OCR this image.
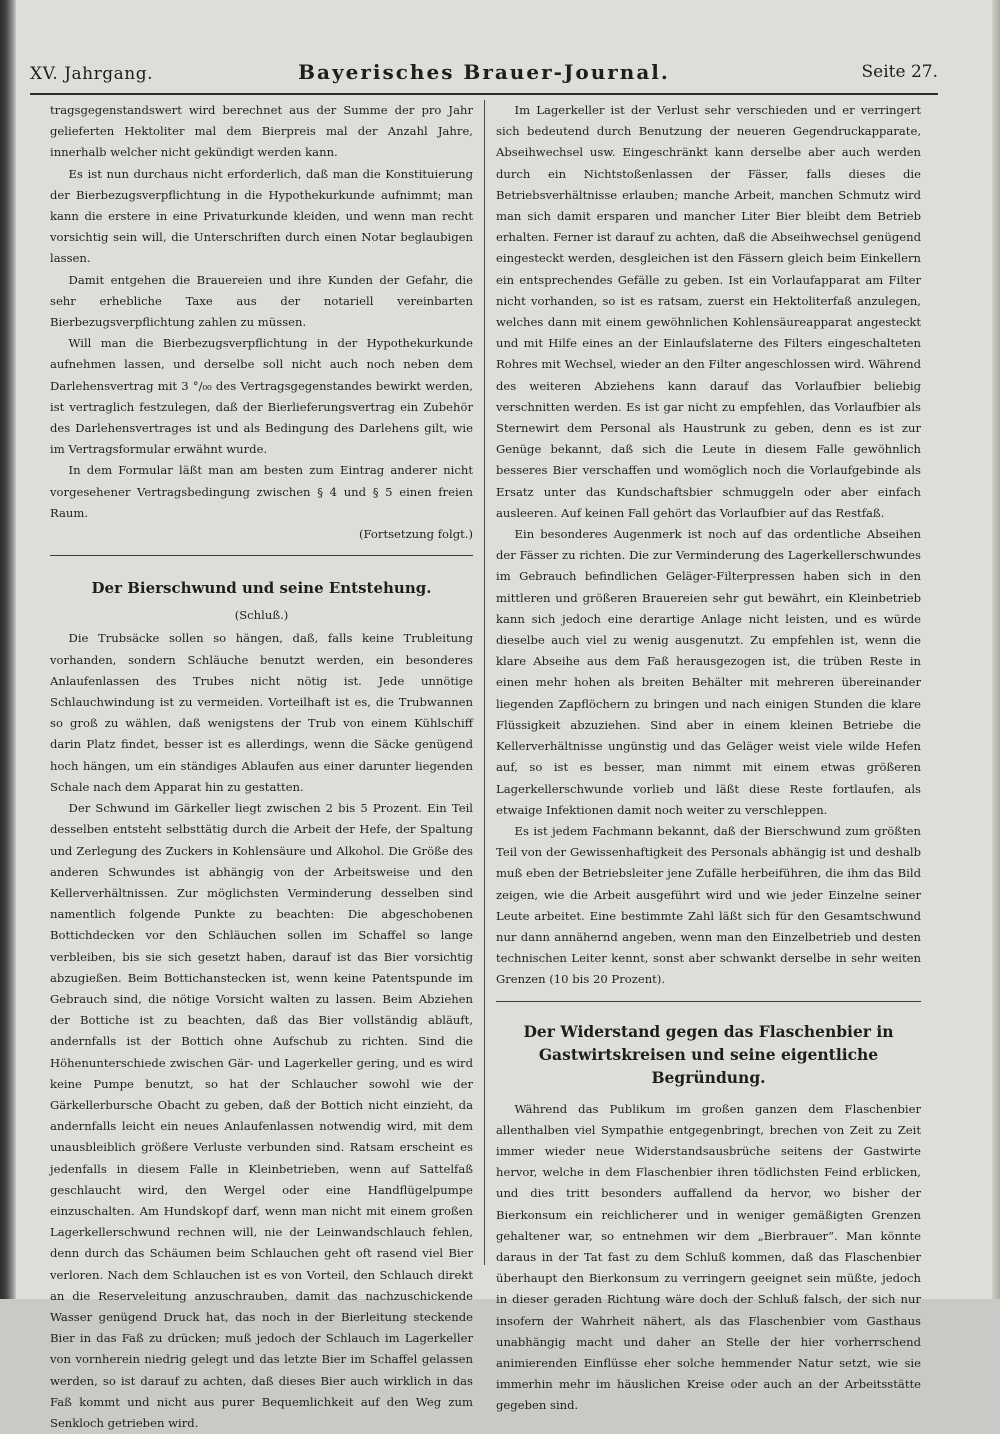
XV. Jahrgang.	Bayerisches Brauer-Journal.	Seite 27.

tragsgegenstandswert wird berechnet aus der Summe der pro Jahr gelieferten Hektoliter mal dem Bierpreis mal der Anzahl Jahre, innerhalb welcher nicht gekündigt werden kann.

Es ist nun durchaus nicht erforderlich, daß man die Konstituierung der Bierbezugsverpflichtung in die Hypothekurkunde aufnimmt; man kann die erstere in eine Privaturkunde kleiden, und wenn man recht vorsichtig sein will, die Unterschriften durch einen Notar beglaubigen lassen.

Damit entgehen die Brauereien und ihre Kunden der Gefahr, die sehr erhebliche Taxe aus der notariell vereinbarten Bierbezugsverpflichtung zahlen zu müssen.

Will man die Bierbezugsverpflichtung in der Hypothekurkunde aufnehmen lassen, und derselbe soll nicht auch noch neben dem Darlehensvertrag mit 3 °/₀₀ des Vertragsgegenstandes bewirkt werden, ist vertraglich festzulegen, daß der Bierlieferungsvertrag ein Zubehör des Darlehensvertrages ist und als Bedingung des Darlehens gilt, wie im Vertragsformular erwähnt wurde.

In dem Formular läßt man am besten zum Eintrag anderer nicht vorgesehener Vertragsbedingung zwischen § 4 und § 5 einen freien Raum.

(Fortsetzung folgt.)
Der Bierschwund und seine Entstehung.
(Schluß.)

Die Trubsäcke sollen so hängen, daß, falls keine Trubleitung vorhanden, sondern Schläuche benutzt werden, ein besonderes Anlaufenlassen des Trubes nicht nötig ist. Jede unnötige Schlauchwindung ist zu vermeiden. Vorteilhaft ist es, die Trubwannen so groß zu wählen, daß wenigstens der Trub von einem Kühlschiff darin Platz findet, besser ist es allerdings, wenn die Säcke genügend hoch hängen, um ein ständiges Ablaufen aus einer darunter liegenden Schale nach dem Apparat hin zu gestatten.

Der Schwund im Gärkeller liegt zwischen 2 bis 5 Prozent. Ein Teil desselben entsteht selbsttätig durch die Arbeit der Hefe, der Spaltung und Zerlegung des Zuckers in Kohlensäure und Alkohol. Die Größe des anderen Schwundes ist abhängig von der Arbeitsweise und den Kellerverhältnissen. Zur möglichsten Verminderung desselben sind namentlich folgende Punkte zu beachten: Die abgeschobenen Bottichdecken vor den Schläuchen sollen im Schaffel so lange verbleiben, bis sie sich gesetzt haben, darauf ist das Bier vorsichtig abzugießen. Beim Bottichanstecken ist, wenn keine Patentspunde im Gebrauch sind, die nötige Vorsicht walten zu lassen. Beim Abziehen der Bottiche ist zu beachten, daß das Bier vollständig abläuft, andernfalls ist der Bottich ohne Aufschub zu richten. Sind die Höhenunterschiede zwischen Gär- und Lagerkeller gering, und es wird keine Pumpe benutzt, so hat der Schlaucher sowohl wie der Gärkellerbursche Obacht zu geben, daß der Bottich nicht einzieht, da andernfalls leicht ein neues Anlaufenlassen notwendig wird, mit dem unausbleiblich größere Verluste verbunden sind. Ratsam erscheint es jedenfalls in diesem Falle in Kleinbetrieben, wenn auf Sattelfaß geschlaucht wird, den Wergel oder eine Handflügelpumpe einzuschalten. Am Hundskopf darf, wenn man nicht mit einem großen Lagerkellerschwund rechnen will, nie der Leinwandschlauch fehlen, denn durch das Schäumen beim Schlauchen geht oft rasend viel Bier verloren. Nach dem Schlauchen ist es von Vorteil, den Schlauch direkt an die Reserveleitung anzuschrauben, damit das nachzuschickende Wasser genügend Druck hat, das noch in der Bierleitung steckende Bier in das Faß zu drücken; muß jedoch der Schlauch im Lagerkeller von vornherein niedrig gelegt und das letzte Bier im Schaffel gelassen werden, so ist darauf zu achten, daß dieses Bier auch wirklich in das Faß kommt und nicht aus purer Bequemlichkeit auf den Weg zum Senkloch getrieben wird.

Im Lagerkeller ist der Verlust sehr verschieden und er verringert sich bedeutend durch Benutzung der neueren Gegendruckapparate, Abseihwechsel usw. Eingeschränkt kann derselbe aber auch werden durch ein Nichtstoßenlassen der Fässer, falls dieses die Betriebsverhältnisse erlauben; manche Arbeit, manchen Schmutz wird man sich damit ersparen und mancher Liter Bier bleibt dem Betrieb erhalten. Ferner ist darauf zu achten, daß die Abseihwechsel genügend eingesteckt werden, desgleichen ist den Fässern gleich beim Einkellern ein entsprechendes Gefälle zu geben. Ist ein Vorlaufapparat am Filter nicht vorhanden, so ist es ratsam, zuerst ein Hektoliterfaß anzulegen, welches dann mit einem gewöhnlichen Kohlensäureapparat angesteckt und mit Hilfe eines an der Einlaufslaterne des Filters eingeschalteten Rohres mit Wechsel, wieder an den Filter angeschlossen wird. Während des weiteren Abziehens kann darauf das Vorlaufbier beliebig verschnitten werden. Es ist gar nicht zu empfehlen, das Vorlaufbier als Sternewirt dem Personal als Haustrunk zu geben, denn es ist zur Genüge bekannt, daß sich die Leute in diesem Falle gewöhnlich besseres Bier verschaffen und womöglich noch die Vorlaufgebinde als Ersatz unter das Kundschaftsbier schmuggeln oder aber einfach ausleeren. Auf keinen Fall gehört das Vorlaufbier auf das Restfaß.

Ein besonderes Augenmerk ist noch auf das ordentliche Abseihen der Fässer zu richten. Die zur Verminderung des Lagerkellerschwundes im Gebrauch befindlichen Geläger-Filterpressen haben sich in den mittleren und größeren Brauereien sehr gut bewährt, ein Kleinbetrieb kann sich jedoch eine derartige Anlage nicht leisten, und es würde dieselbe auch viel zu wenig ausgenutzt. Zu empfehlen ist, wenn die klare Abseihe aus dem Faß herausgezogen ist, die trüben Reste in einen mehr hohen als breiten Behälter mit mehreren übereinander liegenden Zapflöchern zu bringen und nach einigen Stunden die klare Flüssigkeit abzuziehen. Sind aber in einem kleinen Betriebe die Kellerverhältnisse ungünstig und das Geläger weist viele wilde Hefen auf, so ist es besser, man nimmt mit einem etwas größeren Lagerkellerschwunde vorlieb und läßt diese Reste fortlaufen, als etwaige Infektionen damit noch weiter zu verschleppen.

Es ist jedem Fachmann bekannt, daß der Bierschwund zum größten Teil von der Gewissenhaftigkeit des Personals abhängig ist und deshalb muß eben der Betriebsleiter jene Zufälle herbeiführen, die ihm das Bild zeigen, wie die Arbeit ausgeführt wird und wie jeder Einzelne seiner Leute arbeitet. Eine bestimmte Zahl läßt sich für den Gesamtschwund nur dann annähernd angeben, wenn man den Einzelbetrieb und desten technischen Leiter kennt, sonst aber schwankt derselbe in sehr weiten Grenzen (10 bis 20 Prozent).

Der Widerstand gegen das Flaschenbier in Gastwirtskreisen und seine eigentliche Begründung.

Während das Publikum im großen ganzen dem Flaschenbier allenthalben viel Sympathie entgegenbringt, brechen von Zeit zu Zeit immer wieder neue Widerstandsausbrüche seitens der Gastwirte hervor, welche in dem Flaschenbier ihren tödlichsten Feind erblicken, und dies tritt besonders auffallend da hervor, wo bisher der Bierkonsum ein reichlicherer und in weniger gemäßigten Grenzen gehaltener war, so entnehmen wir dem „Bierbrauer“. Man könnte daraus in der Tat fast zu dem Schluß kommen, daß das Flaschenbier überhaupt den Bierkonsum zu verringern geeignet sein müßte, jedoch in dieser geraden Richtung wäre doch der Schluß falsch, der sich nur insofern der Wahrheit nähert, als das Flaschenbier vom Gasthaus unabhängig macht und daher an Stelle der hier vorherrschend animierenden Einflüsse eher solche hemmender Natur setzt, wie sie immerhin mehr im häuslichen Kreise oder auch an der Arbeitsstätte gegeben sind.
